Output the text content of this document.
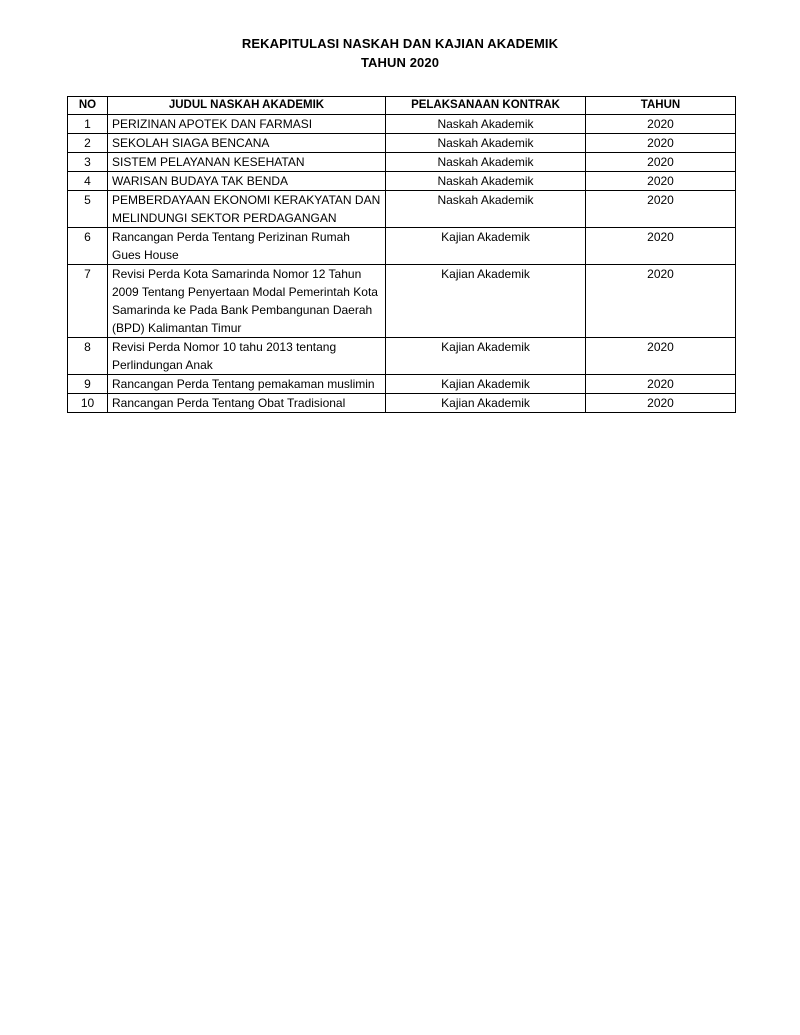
REKAPITULASI NASKAH DAN KAJIAN AKADEMIK
TAHUN 2020
NO	JUDUL NASKAH AKADEMIK	PELAKSANAAN KONTRAK	TAHUN
1	PERIZINAN APOTEK DAN FARMASI	Naskah Akademik	2020
2	SEKOLAH SIAGA BENCANA	Naskah Akademik	2020
3	SISTEM PELAYANAN KESEHATAN	Naskah Akademik	2020
4	WARISAN BUDAYA TAK BENDA	Naskah Akademik	2020
5	PEMBERDAYAAN EKONOMI KERAKYATAN DAN MELINDUNGI SEKTOR PERDAGANGAN	Naskah Akademik	2020
6	Rancangan Perda Tentang Perizinan Rumah Gues House	Kajian Akademik	2020
7	Revisi Perda Kota Samarinda Nomor 12 Tahun 2009 Tentang Penyertaan Modal Pemerintah Kota Samarinda ke Pada Bank Pembangunan Daerah (BPD) Kalimantan Timur	Kajian Akademik	2020
8	Revisi Perda Nomor 10 tahu 2013 tentang Perlindungan Anak	Kajian Akademik	2020
9	Rancangan Perda Tentang pemakaman muslimin	Kajian Akademik	2020
10	Rancangan Perda Tentang Obat Tradisional	Kajian Akademik	2020
